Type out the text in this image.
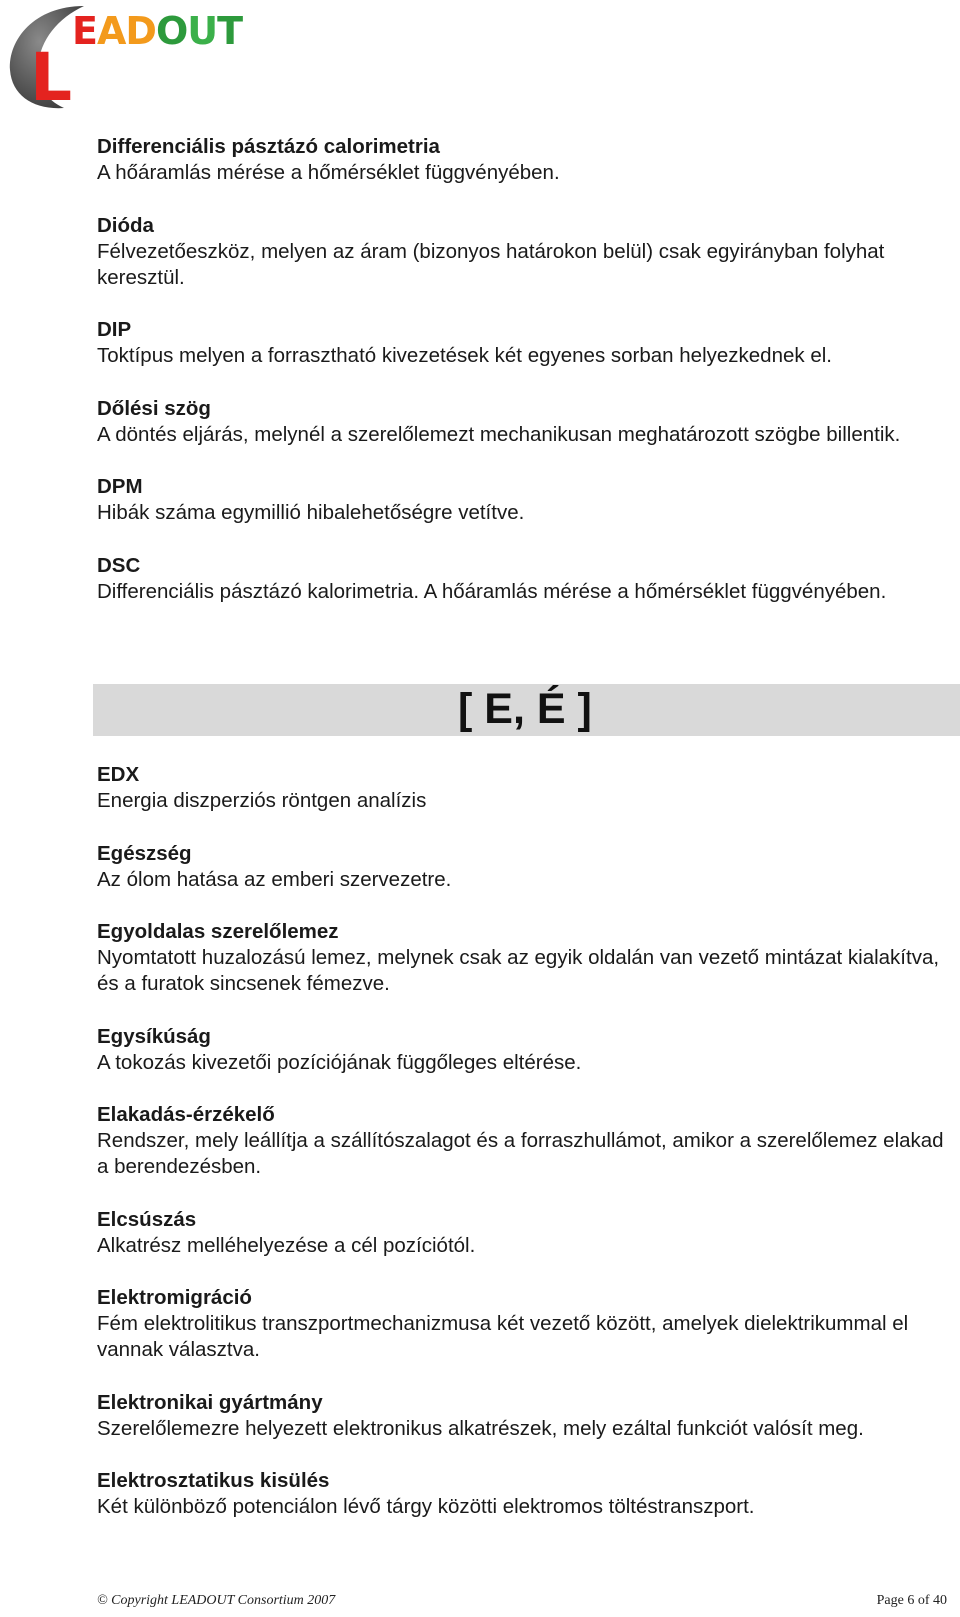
L
EADOUT
Differenciális pásztázó calorimetria
A hőáramlás mérése a hőmérséklet függvényében.
Dióda
Félvezetőeszköz, melyen az áram (bizonyos határokon belül) csak egyirányban folyhat keresztül.
DIP
Toktípus melyen a forrasztható kivezetések két egyenes sorban helyezkednek el.
Dőlési szög
A döntés eljárás, melynél a szerelőlemezt mechanikusan meghatározott szögbe billentik.
DPM
Hibák száma egymillió hibalehetőségre vetítve.
DSC
Differenciális pásztázó kalorimetria. A hőáramlás mérése a hőmérséklet függvényében.
[ E, É ]
EDX
Energia diszperziós röntgen analízis
Egészség
Az ólom hatása az emberi szervezetre.
Egyoldalas szerelőlemez
Nyomtatott huzalozású lemez, melynek csak az egyik oldalán van vezető mintázat kialakítva, és a furatok sincsenek fémezve.
Egysíkúság
A tokozás kivezetői pozíciójának függőleges eltérése.
Elakadás-érzékelő
Rendszer, mely leállítja a szállítószalagot és a forraszhullámot, amikor a szerelőlemez elakad a berendezésben.
Elcsúszás
Alkatrész melléhelyezése a cél pozíciótól.
Elektromigráció
Fém elektrolitikus transzportmechanizmusa két vezető között, amelyek dielektrikummal el vannak választva.
Elektronikai gyártmány
Szerelőlemezre helyezett elektronikus alkatrészek, mely ezáltal funkciót valósít meg.
Elektrosztatikus kisülés
Két különböző potenciálon lévő tárgy közötti elektromos töltéstranszport.
© Copyright LEADOUT Consortium 2007	Page 6 of 40
